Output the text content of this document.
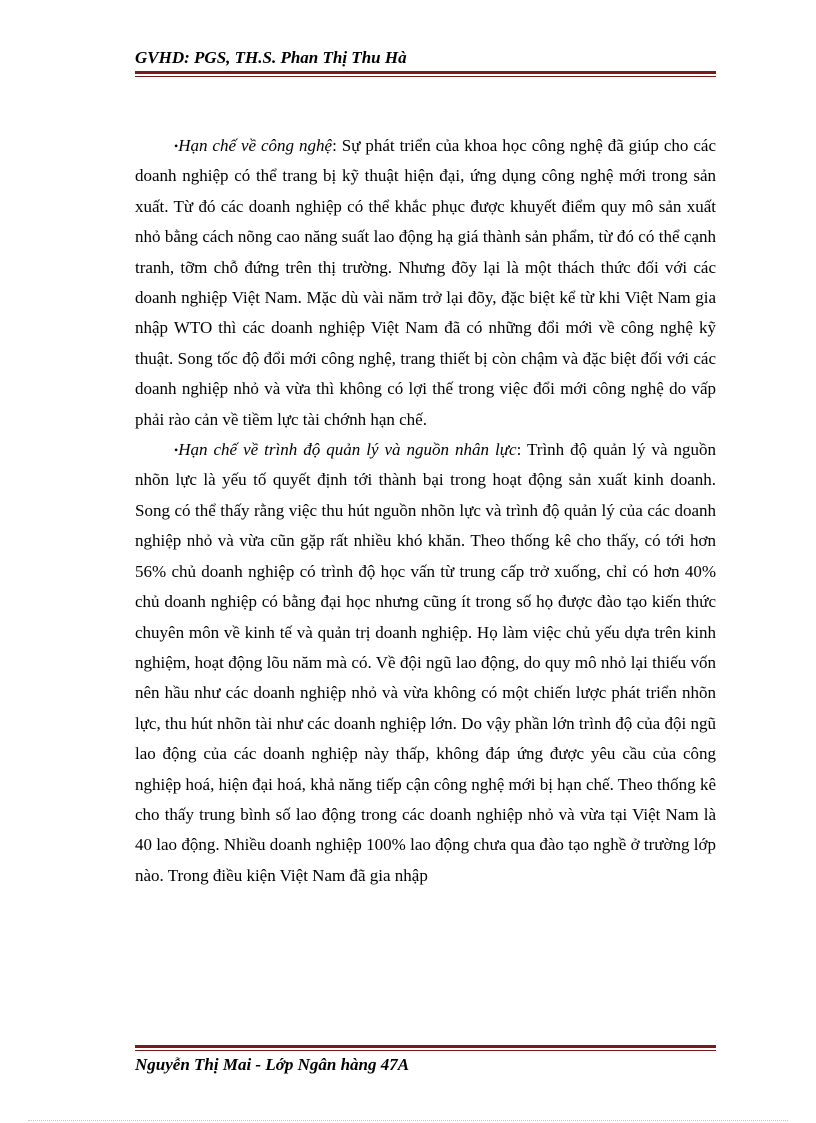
GVHD: PGS, TH.S. Phan Thị Thu Hà

•Hạn chế về công nghệ: Sự phát triển của khoa học công nghệ đã giúp cho các doanh nghiệp có thể trang bị kỹ thuật hiện đại, ứng dụng công nghệ mới trong sản xuất. Từ đó các doanh nghiệp có thể khắc phục được khuyết điểm quy mô sản xuất nhỏ bằng cách nõng cao năng suất lao động hạ giá thành sản phẩm, từ đó có thể cạnh tranh, tỡm chỗ đứng trên thị trường. Nhưng đõy lại là một thách thức đối với các doanh nghiệp Việt Nam. Mặc dù vài năm trở lại đõy, đặc biệt kể từ khi Việt Nam gia nhập WTO thì các doanh nghiệp Việt Nam đã có những đổi mới về công nghệ kỹ thuật. Song tốc độ đổi mới công nghệ, trang thiết bị còn chậm và đặc biệt đối với các doanh nghiệp nhỏ và vừa thì không có lợi thế trong việc đổi mới công nghệ do vấp phải rào cản về tiềm lực tài chớnh hạn chế.

•Hạn chế về trình độ quản lý và nguồn nhân lực: Trình độ quản lý và nguồn nhõn lực là yếu tố quyết định tới thành bại trong hoạt động sản xuất kinh doanh. Song có thể thấy rằng việc thu hút nguồn nhõn lực và trình độ quản lý của các doanh nghiệp nhỏ và vừa cũn gặp rất nhiều khó khăn. Theo thống kê cho thấy, có tới hơn 56% chủ doanh nghiệp có trình độ học vấn từ trung cấp trở xuống, chỉ có hơn 40% chủ doanh nghiệp có bằng đại học nhưng cũng ít trong số họ được đào tạo kiến thức chuyên môn về kinh tế và quản trị doanh nghiệp. Họ làm việc chủ yếu dựa trên kinh nghiệm, hoạt động lõu năm mà có. Về đội ngũ lao động, do quy mô nhỏ lại thiếu vốn nên hầu như các doanh nghiệp nhỏ và vừa không có một chiến lược phát triển nhõn lực, thu hút nhõn tài như các doanh nghiệp lớn. Do vậy phần lớn trình độ của đội ngũ lao động của các doanh nghiệp này thấp, không đáp ứng được yêu cầu của công nghiệp hoá, hiện đại hoá, khả năng tiếp cận công nghệ mới bị hạn chế. Theo thống kê cho thấy trung bình số lao động trong các doanh nghiệp nhỏ và vừa tại Việt Nam là 40 lao động. Nhiều doanh nghiệp 100% lao động chưa qua đào tạo nghề ở trường lớp nào. Trong điều kiện Việt Nam đã gia nhập

Nguyễn Thị Mai - Lớp Ngân hàng 47A
